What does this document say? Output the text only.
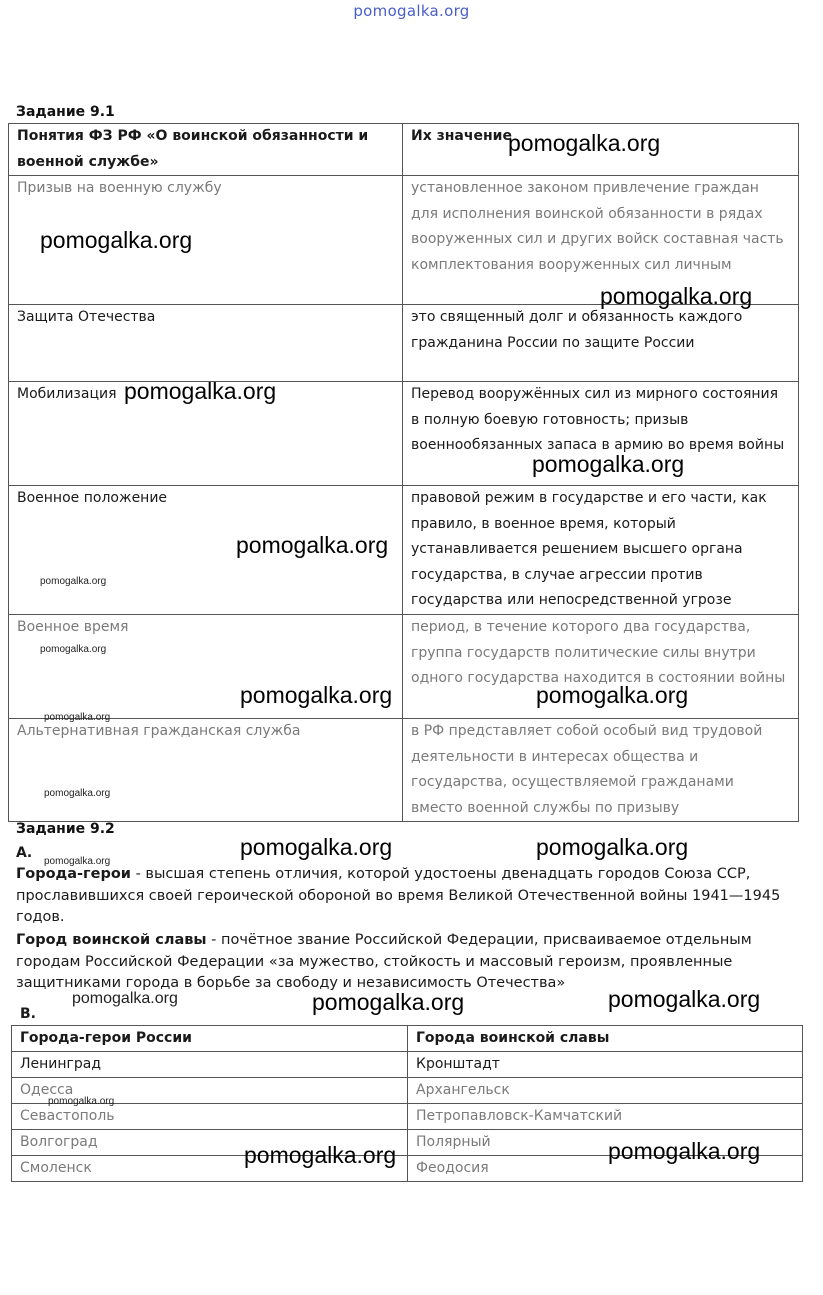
pomogalka.org
Задание 9.1
Понятия ФЗ РФ «О воинской обязанности и военной службе»	Их значение
Призыв на военную службу	установленное законом привлечение граждан для исполнения воинской обязанности в рядах вооруженных сил и других войск составная часть комплектования вооруженных сил личным
Защита Отечества	это священный долг и обязанность каждого гражданина России по защите России
Мобилизация	Перевод вооружённых сил из мирного состояния в полную боевую готовность; призыв военнообязанных запаса в армию во время войны
Военное положение	правовой режим в государстве и его части, как правило, в военное время, который устанавливается решением высшего органа государства, в случае агрессии против государства или непосредственной угрозе
Военное время	период, в течение которого два государства, группа государств политические силы внутри одного государства находится в состоянии войны
Альтернативная гражданская служба	в РФ представляет собой особый вид трудовой деятельности в интересах общества и государства, осуществляемой гражданами вместо военной службы по призыву
Задание 9.2
А.
Города-герои - высшая степень отличия, которой удостоены двенадцать городов Союза ССР, прославившихся своей героической обороной во время Великой Отечественной войны 1941—1945 годов.
Город воинской славы - почётное звание Российской Федерации, присваиваемое отдельным городам Российской Федерации «за мужество, стойкость и массовый героизм, проявленные защитниками города в борьбе за свободу и независимость Отечества»
В.
Города-герои России	Города воинской славы
Ленинград	Кронштадт
Одесса	Архангельск
Севастополь	Петропавловск-Камчатский
Волгоград	Полярный
Смоленск	Феодосия
pomogalka.org
pomogalka.org
pomogalka.org
pomogalka.org
pomogalka.org
pomogalka.org
pomogalka.org	pomogalka.org
pomogalka.org	pomogalka.org
pomogalka.org	pomogalka.org
pomogalka.org	pomogalka.org
pomogalka.org
pomogalka.org
pomogalka.org
pomogalka.org
pomogalka.org
pomogalka.org
pomogalka.org
